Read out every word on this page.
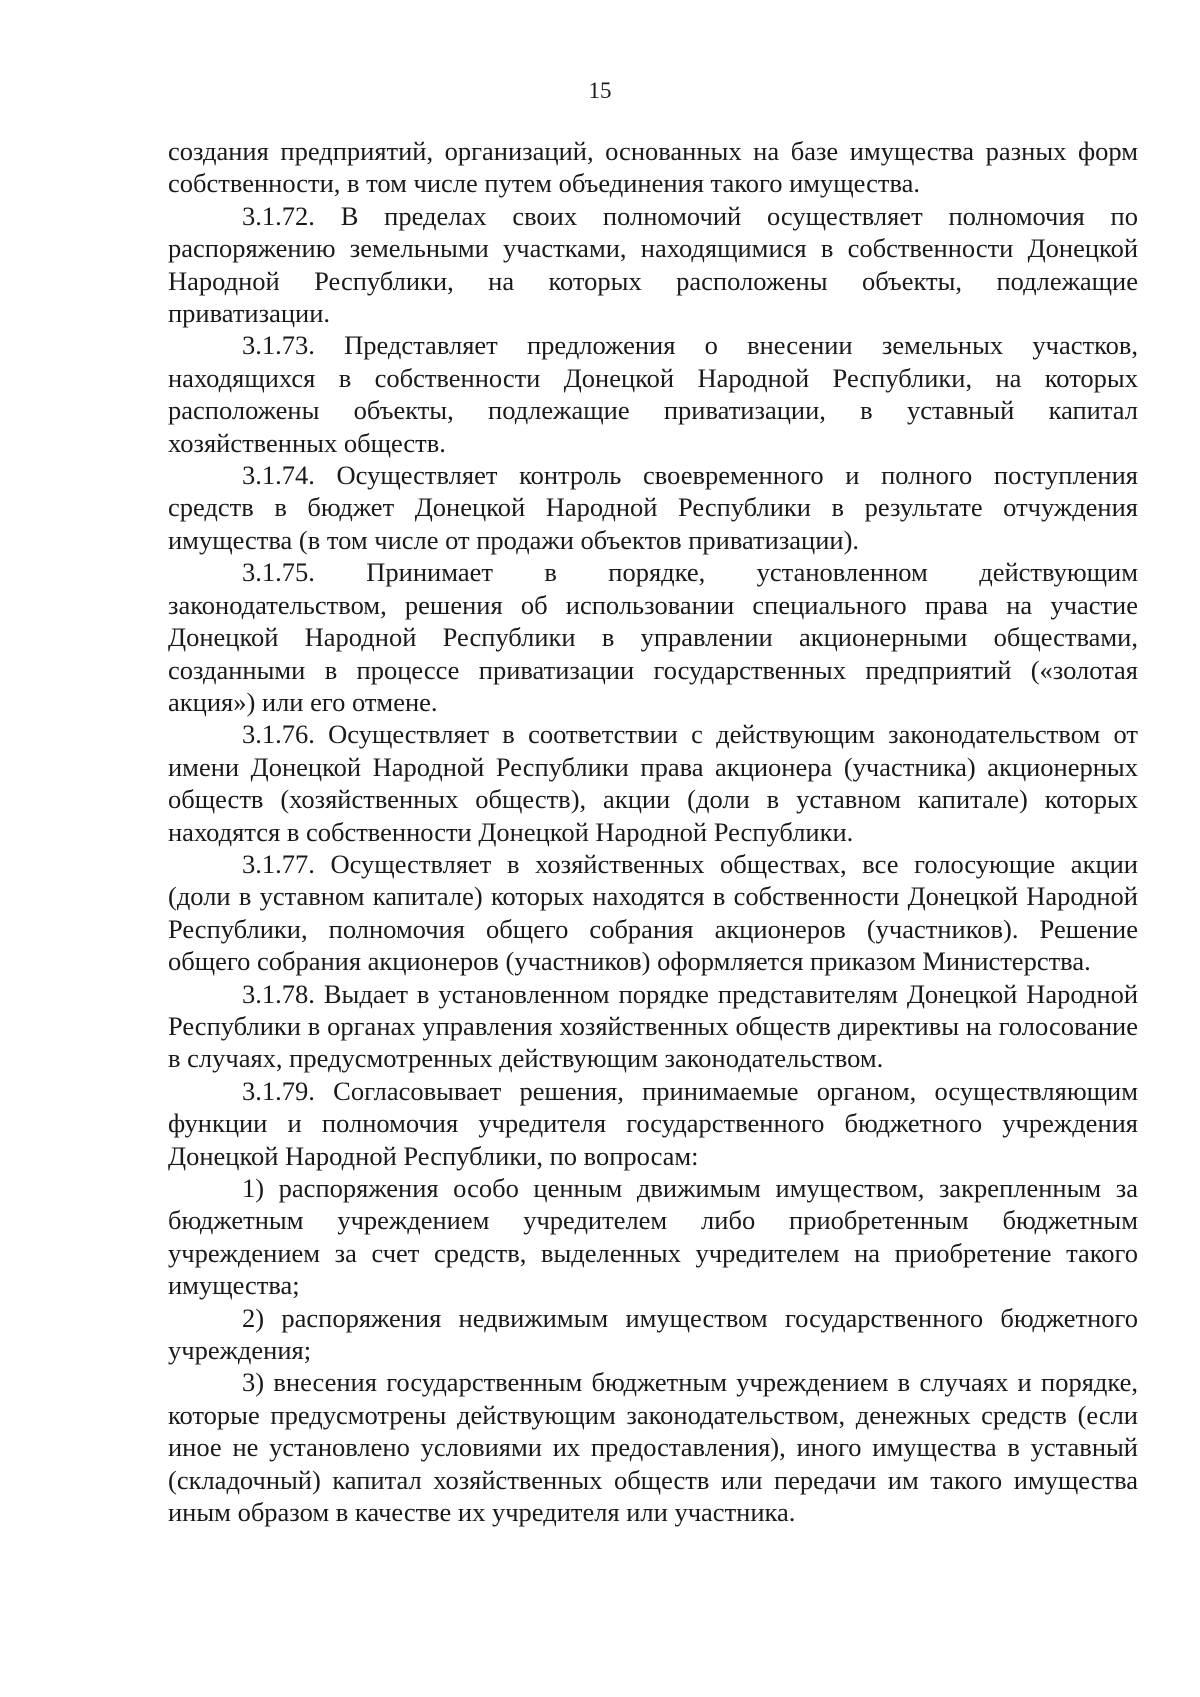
15

создания предприятий, организаций, основанных на базе имущества разных форм собственности, в том числе путем объединения такого имущества.

3.1.72. В пределах своих полномочий осуществляет полномочия по распоряжению земельными участками, находящимися в собственности Донецкой Народной Республики, на которых расположены объекты, подлежащие приватизации.

3.1.73. Представляет предложения о внесении земельных участков, находящихся в собственности Донецкой Народной Республики, на которых расположены объекты, подлежащие приватизации, в уставный капитал хозяйственных обществ.

3.1.74. Осуществляет контроль своевременного и полного поступления средств в бюджет Донецкой Народной Республики в результате отчуждения имущества (в том числе от продажи объектов приватизации).

3.1.75. Принимает в порядке, установленном действующим законодательством, решения об использовании специального права на участие Донецкой Народной Республики в управлении акционерными обществами, созданными в процессе приватизации государственных предприятий («золотая акция») или его отмене.

3.1.76. Осуществляет в соответствии с действующим законодательством от имени Донецкой Народной Республики права акционера (участника) акционерных обществ (хозяйственных обществ), акции (доли в уставном капитале) которых находятся в собственности Донецкой Народной Республики.

3.1.77. Осуществляет в хозяйственных обществах, все голосующие акции (доли в уставном капитале) которых находятся в собственности Донецкой Народной Республики, полномочия общего собрания акционеров (участников). Решение общего собрания акционеров (участников) оформляется приказом Министерства.

3.1.78. Выдает в установленном порядке представителям Донецкой Народной Республики в органах управления хозяйственных обществ директивы на голосование в случаях, предусмотренных действующим законодательством.

3.1.79. Согласовывает решения, принимаемые органом, осуществляющим функции и полномочия учредителя государственного бюджетного учреждения Донецкой Народной Республики, по вопросам:

1) распоряжения особо ценным движимым имуществом, закрепленным за бюджетным учреждением учредителем либо приобретенным бюджетным учреждением за счет средств, выделенных учредителем на приобретение такого имущества;

2) распоряжения недвижимым имуществом государственного бюджетного учреждения;

3) внесения государственным бюджетным учреждением в случаях и порядке, которые предусмотрены действующим законодательством, денежных средств (если иное не установлено условиями их предоставления), иного имущества в уставный (складочный) капитал хозяйственных обществ или передачи им такого имущества иным образом в качестве их учредителя или участника.
